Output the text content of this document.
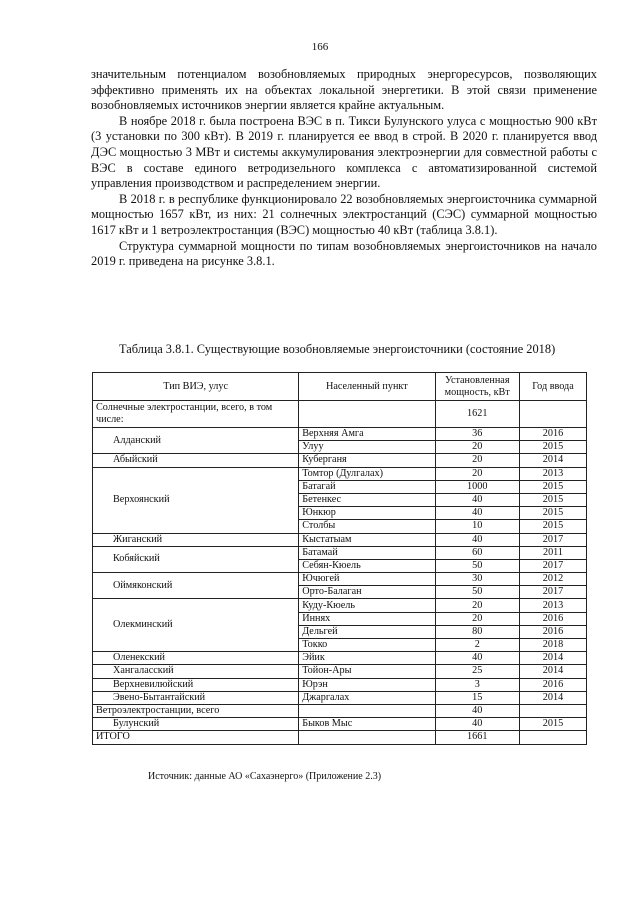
166

значительным потенциалом возобновляемых природных энергоресурсов, позволяющих эффективно применять их на объектах локальной энергетики. В этой связи применение возобновляемых источников энергии является крайне актуальным.

В ноябре 2018 г. была построена ВЭС в п. Тикси Булунского улуса с мощностью 900 кВт (3 установки по 300 кВт). В 2019 г. планируется ее ввод в строй. В 2020 г. планируется ввод ДЭС мощностью 3 МВт и системы аккумулирования электроэнергии для совместной работы с ВЭС в составе единого ветродизельного комплекса с автоматизированной системой управления производством и распределением энергии.

В 2018 г. в республике функционировало 22 возобновляемых энергоисточника суммарной мощностью 1657 кВт, из них: 21 солнечных электростанций (СЭС) суммарной мощностью 1617 кВт и 1 ветроэлектростанция (ВЭС) мощностью 40 кВт (таблица 3.8.1).

Структура суммарной мощности по типам возобновляемых энергоисточников на начало 2019 г. приведена на рисунке 3.8.1.

Таблица 3.8.1. Существующие возобновляемые энергоисточники (состояние 2018)
Тип ВИЭ, улус	Населенный пункт	Установленная мощность, кВт	Год ввода
Солнечные электростанции, всего, в том числе:		1621	
Алданский	Верхняя Амга	36	2016
	Улуу	20	2015
Абыйский	Куберганя	20	2014
Верхоянский	Томтор (Дулгалах)	20	2013
	Батагай	1000	2015
	Бетенкес	40	2015
	Юнкюр	40	2015
	Столбы	10	2015
Жиганский	Кыстатыам	40	2017
Кобяйский	Батамай	60	2011
	Себян-Кюель	50	2017
Оймяконский	Ючюгей	30	2012
	Орто-Балаган	50	2017
Олекминский	Куду-Кюель	20	2013
	Иннях	20	2016
	Дельгей	80	2016
	Токко	2	2018
Оленекский	Эйик	40	2014
Хангаласский	Тойон-Ары	25	2014
Верхневилюйский	Юрэн	3	2016
Эвено-Бытантайский	Джаргалах	15	2014
Ветроэлектростанции, всего		40	
Булунский	Быков Мыс	40	2015
ИТОГО		1661	
Источник: данные АО «Сахаэнерго» (Приложение 2.3)
